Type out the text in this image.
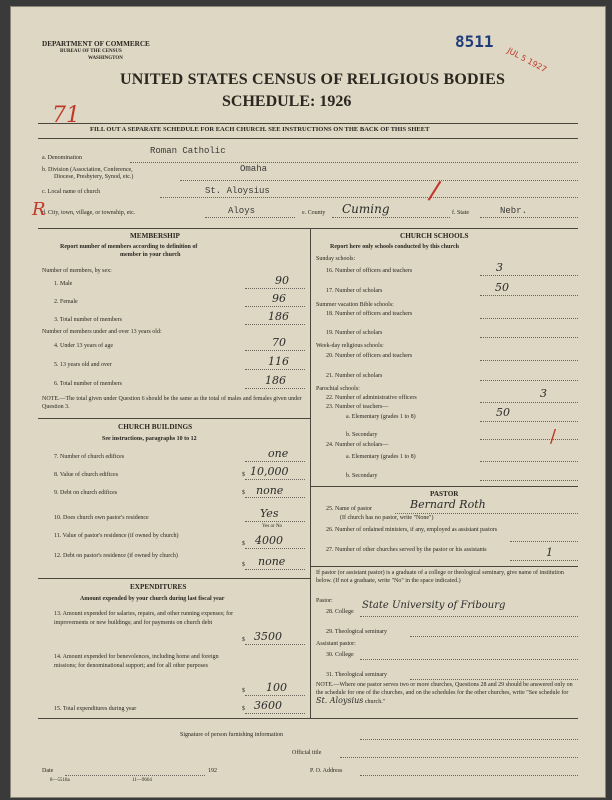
DEPARTMENT OF COMMERCE
BUREAU OF THE CENSUS
WASHINGTON
UNITED STATES CENSUS OF RELIGIOUS BODIES
SCHEDULE: 1926
8511
JUL 5 1927
71
FILL OUT A SEPARATE SCHEDULE FOR EACH CHURCH. SEE INSTRUCTIONS ON THE BACK OF THIS SHEET
Roman Catholic
a. Denomination
b. Division (Association, Conference,
Diocese, Presbytery, Synod, etc.)
Omaha
c. Local name of church	St. Aloysius
d. City, town, village, or township, etc.	Aloys	e. County Cuming	f. State	Nebr.
R
MEMBERSHIP
Report number of members according to definition of
member in your church
Number of members, by sex:
1. Male	90
2. Female	96
3. Total number of members	186
Number of members under and over 13 years old:
4. Under 13 years of age	70
5. 13 years old and over	116
6. Total number of members	186
NOTE.—The total given under Question 6 should be the same as the total of males and females given under Question 3.
CHURCH BUILDINGS
See instructions, paragraphs 10 to 12
7. Number of church edifices	one
8. Value of church edifices	$ 10,000
9. Debt on church edifices	$ none
10. Does church own pastor's residence	Yes
Yes or No
11. Value of pastor's residence (if owned by church)
$ 4000
12. Debt on pastor's residence (if owned by church)
$ none
EXPENDITURES
Amount expended by your church during last fiscal year
13. Amount expended for salaries, repairs, and other running expenses; for improvements or new buildings; and for payments on church debt
$ 3500
14. Amount expended for benevolences, including home and foreign missions; for denominational support; and for all other purposes
$ 100
15. Total expenditures during year	$ 3600
CHURCH SCHOOLS
Report here only schools conducted by this church
Sunday schools:
16. Number of officers and teachers	3
17. Number of scholars	50
Summer vacation Bible schools:
18. Number of officers and teachers
19. Number of scholars
Week-day religious schools:
20. Number of officers and teachers
21. Number of scholars
Parochial schools:
22. Number of administrative officers	3
23. Number of teachers—
a. Elementary (grades 1 to 8)	50
b. Secondary
24. Number of scholars—
a. Elementary (grades 1 to 8)
b. Secondary
PASTOR
25. Name of pastor	Bernard Roth
(If church has no pastor, write "None")
26. Number of ordained ministers, if any, employed as assistant pastors
27. Number of other churches served by the pastor or his assistants	1
If pastor (or assistant pastor) is a graduate of a college or theological seminary, give name of institution below. (If not a graduate, write "No" in the space indicated.)
Pastor:
28. College
State University of Fribourg
29. Theological seminary
Assistant pastor:
30. College
31. Theological seminary
NOTE.—Where one pastor serves two or more churches, Questions 28 and 29 should be answered only on the schedule for one of the churches, and on the schedules for the other churches, write "See schedule for St. Aloysius church."
Signature of person furnishing information
Official title
Date	192	P. O. Address
8—5518a	11—9664
/
/
